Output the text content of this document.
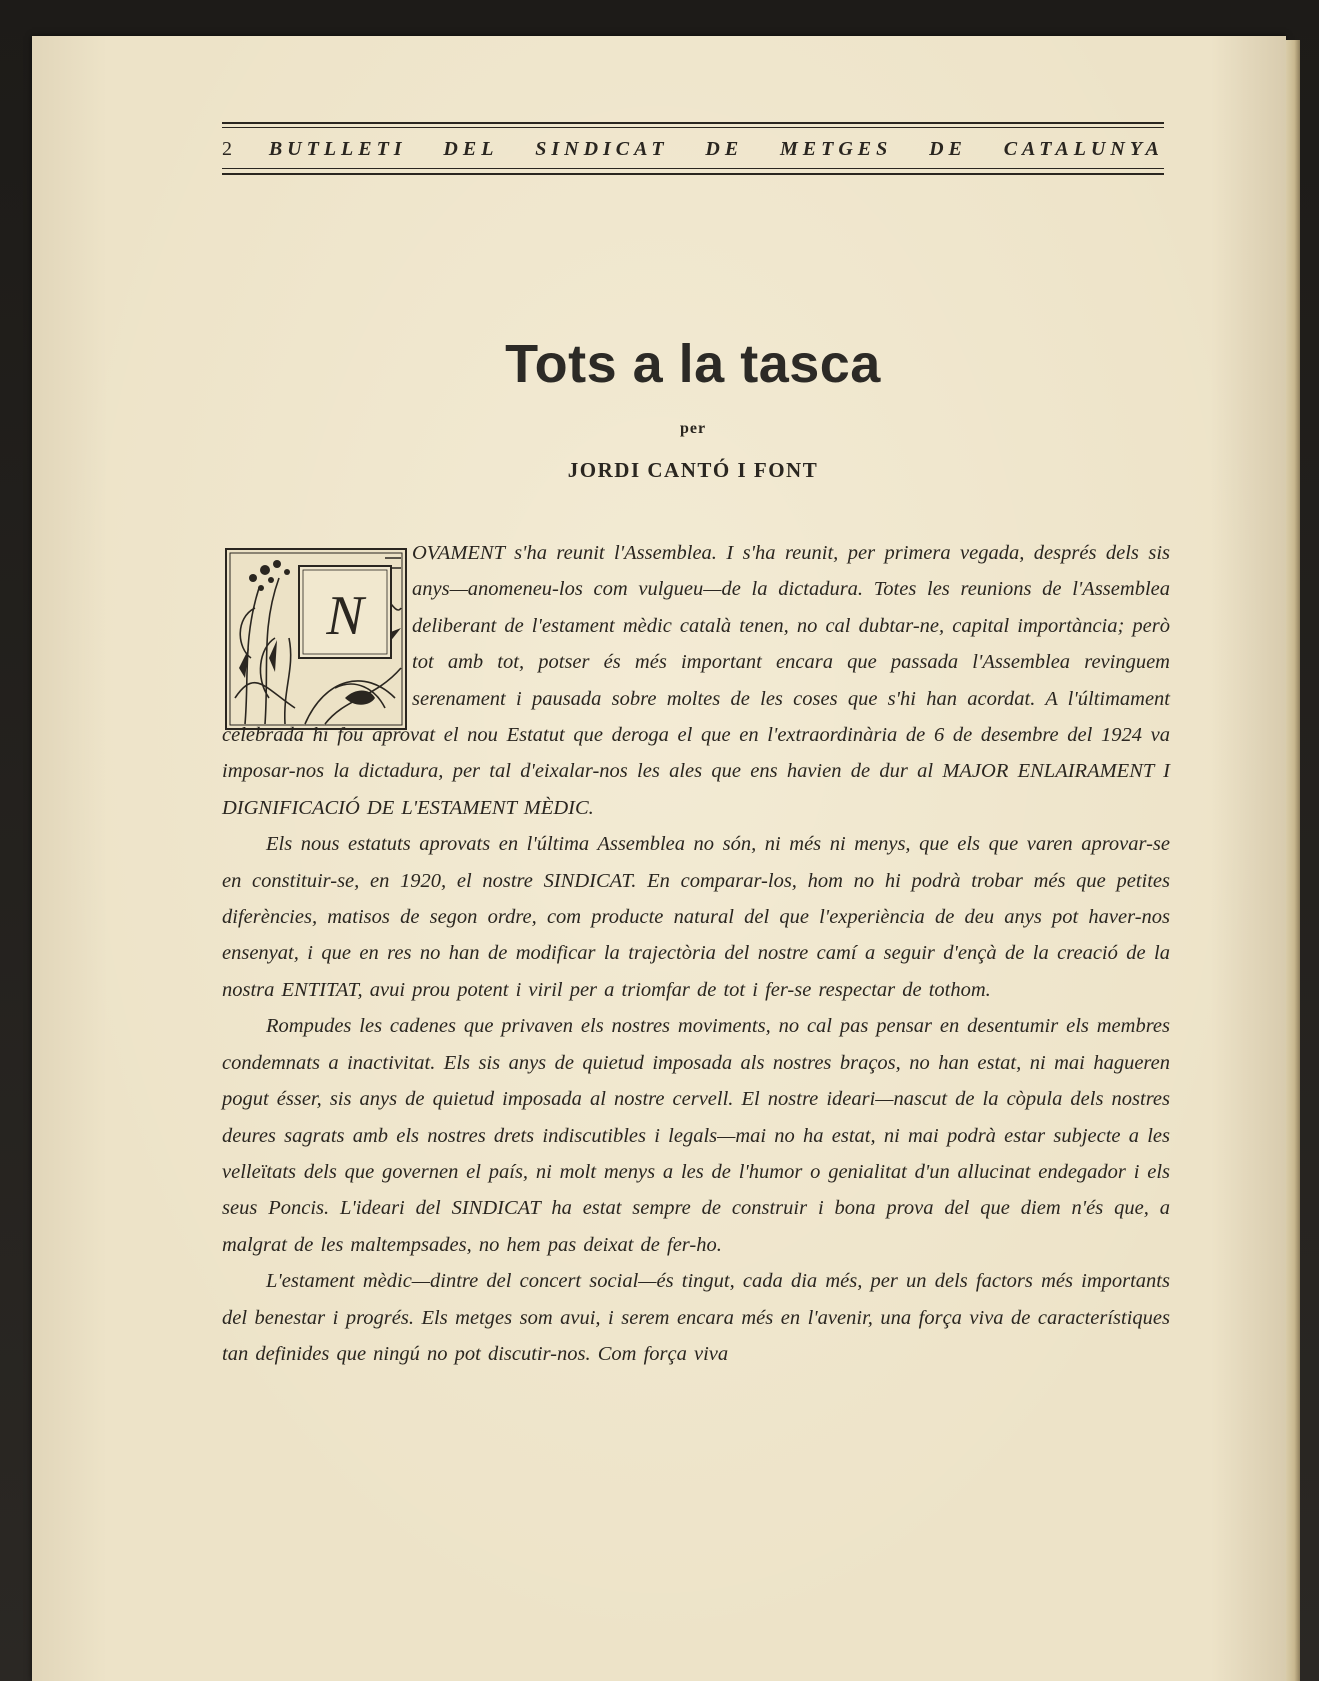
2 BUTLLETI DEL SINDICAT DE METGES DE CATALUNYA
Tots a la tasca
per
JORDI CANTÓ I FONT
N

OVAMENT s'ha reunit l'Assemblea. I s'ha reunit, per primera vegada, després dels sis anys—anomeneu-los com vulgueu—de la dictadura. Totes les reunions de l'Assemblea deliberant de l'estament mèdic català tenen, no cal dubtar-ne, capital importància; però tot amb tot, potser és més important encara que passada l'Assemblea revinguem serenament i pausada sobre moltes de les coses que s'hi han acordat. A l'últimament celebrada hi fou aprovat el nou Estatut que deroga el que en l'extraordinària de 6 de desembre del 1924 va imposar-nos la dictadura, per tal d'eixalar-nos les ales que ens havien de dur al MAJOR ENLAIRAMENT I DIGNIFICACIÓ DE L'ESTAMENT MÈDIC.

Els nous estatuts aprovats en l'última Assemblea no són, ni més ni menys, que els que varen aprovar-se en constituir-se, en 1920, el nostre SINDICAT. En comparar-los, hom no hi podrà trobar més que petites diferències, matisos de segon ordre, com producte natural del que l'experiència de deu anys pot haver-nos ensenyat, i que en res no han de modificar la trajectòria del nostre camí a seguir d'ençà de la creació de la nostra ENTITAT, avui prou potent i viril per a triomfar de tot i fer-se respectar de tothom.

Rompudes les cadenes que privaven els nostres moviments, no cal pas pensar en desentumir els membres condemnats a inactivitat. Els sis anys de quietud imposada als nostres braços, no han estat, ni mai hagueren pogut ésser, sis anys de quietud imposada al nostre cervell. El nostre ideari—nascut de la còpula dels nostres deures sagrats amb els nostres drets indiscutibles i legals—mai no ha estat, ni mai podrà estar subjecte a les velleïtats dels que governen el país, ni molt menys a les de l'humor o genialitat d'un allucinat endegador i els seus Poncis. L'ideari del SINDICAT ha estat sempre de construir i bona prova del que diem n'és que, a malgrat de les maltempsades, no hem pas deixat de fer-ho.

L'estament mèdic—dintre del concert social—és tingut, cada dia més, per un dels factors més importants del benestar i progrés. Els metges som avui, i serem encara més en l'avenir, una força viva de característiques tan definides que ningú no pot discutir-nos. Com força viva
